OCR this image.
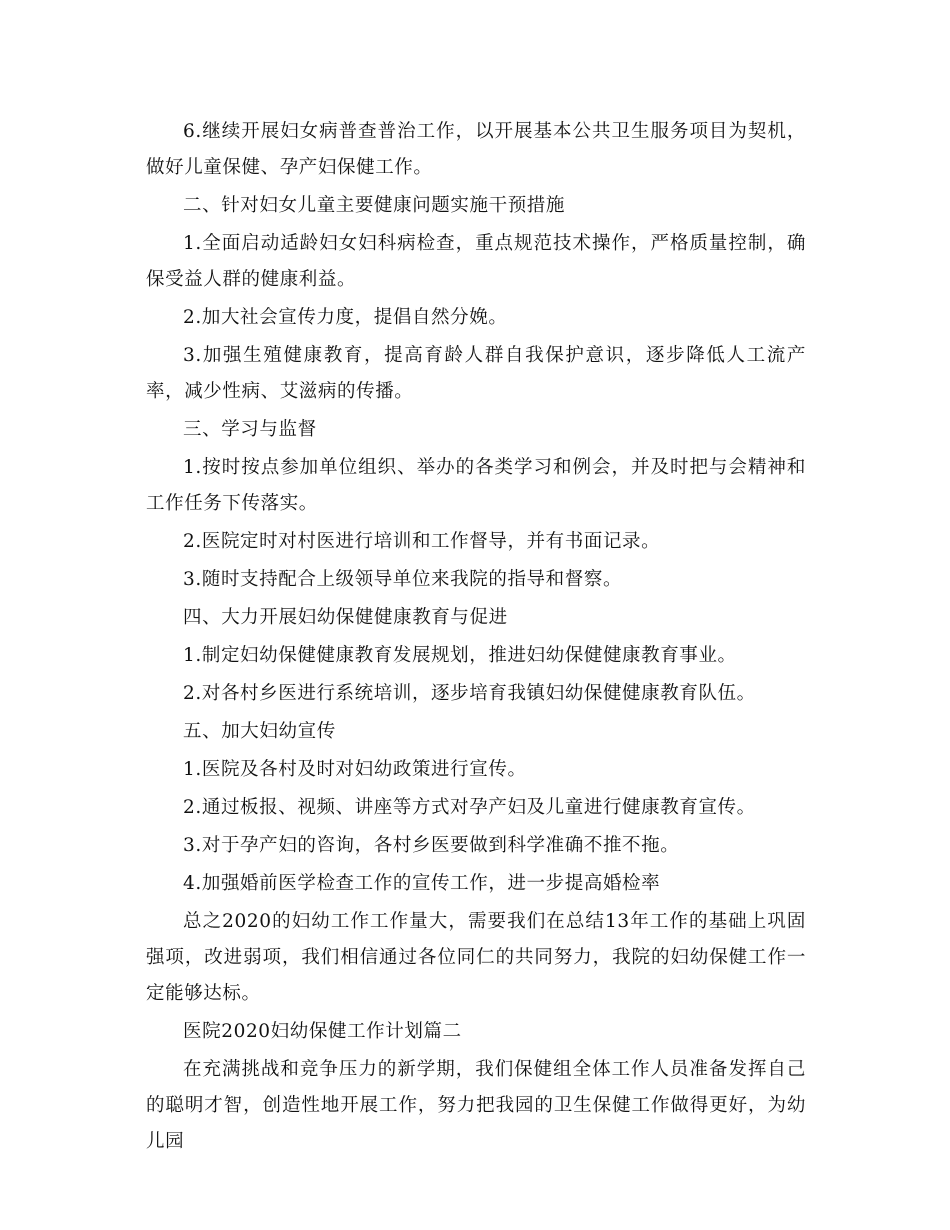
6.继续开展妇女病普查普治工作，以开展基本公共卫生服务项目为契机，做好儿童保健、孕产妇保健工作。

二、针对妇女儿童主要健康问题实施干预措施

1.全面启动适龄妇女妇科病检查，重点规范技术操作，严格质量控制，确保受益人群的健康利益。

2.加大社会宣传力度，提倡自然分娩。

3.加强生殖健康教育，提高育龄人群自我保护意识，逐步降低人工流产率，减少性病、艾滋病的传播。

三、学习与监督

1.按时按点参加单位组织、举办的各类学习和例会，并及时把与会精神和工作任务下传落实。

2.医院定时对村医进行培训和工作督导，并有书面记录。

3.随时支持配合上级领导单位来我院的指导和督察。

四、大力开展妇幼保健健康教育与促进

1.制定妇幼保健健康教育发展规划，推进妇幼保健健康教育事业。

2.对各村乡医进行系统培训，逐步培育我镇妇幼保健健康教育队伍。

五、加大妇幼宣传

1.医院及各村及时对妇幼政策进行宣传。

2.通过板报、视频、讲座等方式对孕产妇及儿童进行健康教育宣传。

3.对于孕产妇的咨询，各村乡医要做到科学准确不推不拖。

4.加强婚前医学检查工作的宣传工作，进一步提高婚检率

总之2020的妇幼工作工作量大，需要我们在总结13年工作的基础上巩固强项，改进弱项，我们相信通过各位同仁的共同努力，我院的妇幼保健工作一定能够达标。

医院2020妇幼保健工作计划篇二

在充满挑战和竞争压力的新学期，我们保健组全体工作人员准备发挥自己的聪明才智，创造性地开展工作，努力把我园的卫生保健工作做得更好，为幼儿园
